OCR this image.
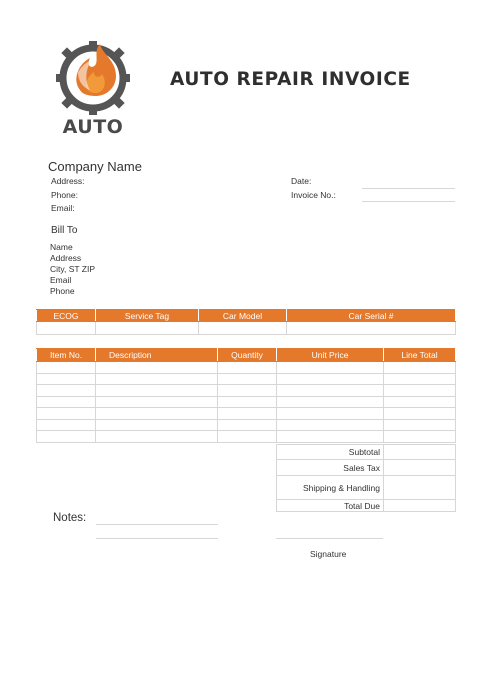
AUTO
AUTO REPAIR INVOICE
Company Name
Address:
Phone:
Email:
Date:
Invoice No.:
Bill To
Name
Address
City, ST ZIP
Email
Phone
ECOG	Service Tag	Car Model	Car Serial #

Item No.	Description	Quantity	Unit Price	Line Total

Subtotal	
Sales Tax	
Shipping & Handling	
Total Due	
Notes:
Signature
